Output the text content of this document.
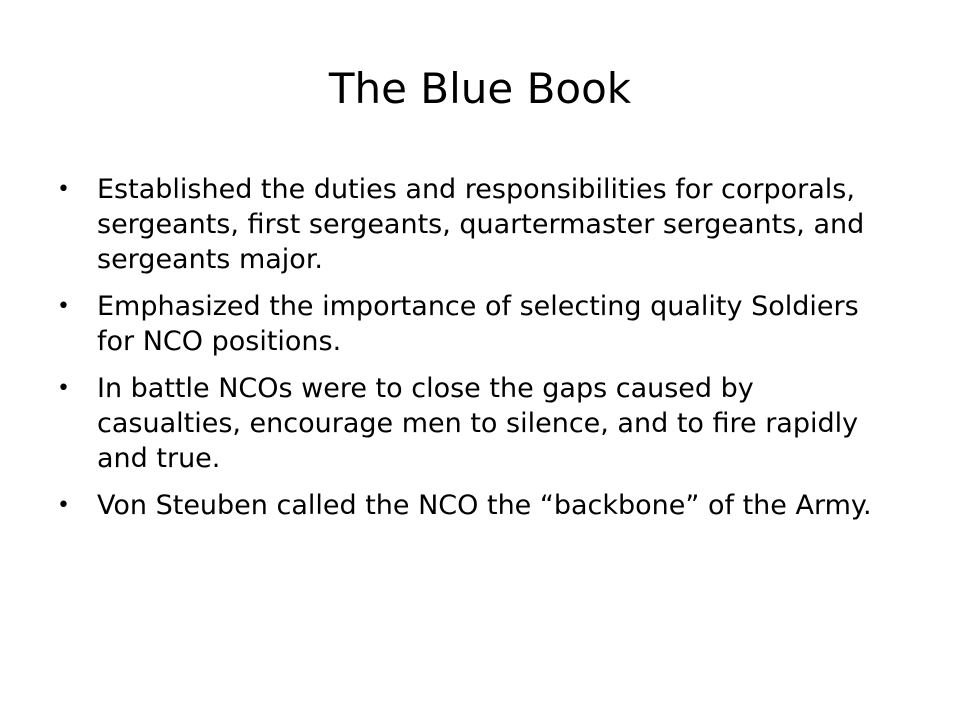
The Blue Book
• Established the duties and responsibilities for corporals, sergeants, first sergeants, quartermaster sergeants, and sergeants major.
• Emphasized the importance of selecting quality Soldiers for NCO positions.
• In battle NCOs were to close the gaps caused by casualties, encourage men to silence, and to fire rapidly and true.
• Von Steuben called the NCO the “backbone” of the Army.
